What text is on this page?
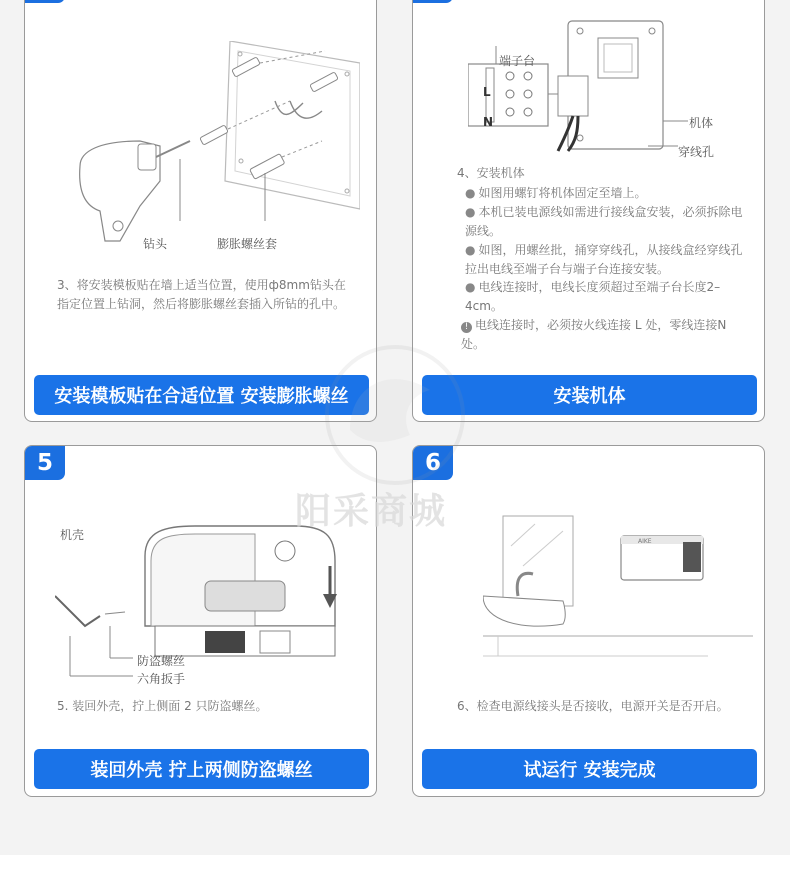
钻头	膨胀螺丝套
3、将安装模板贴在墙上适当位置，使用ф8mm钻头在指定位置上钻洞，然后将膨胀螺丝套插入所钻的孔中。
安装模板贴在合适位置 安装膨胀螺丝
端子台
L
N	机体
穿线孔
4、安装机体
● 如图用螺钉将机体固定至墙上。
● 本机已装电源线如需进行接线盒安装，必须拆除电源线。
● 如图，用螺丝批，捅穿穿线孔，从接线盒经穿线孔拉出电线至端子台与端子台连接安装。
● 电线连接时，电线长度须超过至端子台长度2–4cm。
! 电线连接时，必须按火线连接 L 处，零线连接N 处。
安装机体
5
机壳
防盗螺丝
六角扳手
5. 装回外壳，拧上侧面 2 只防盗螺丝。
装回外壳 拧上两侧防盗螺丝
6
AIKE
6、检查电源线接头是否接收，电源开关是否开启。
试运行 安装完成
阳采商城
